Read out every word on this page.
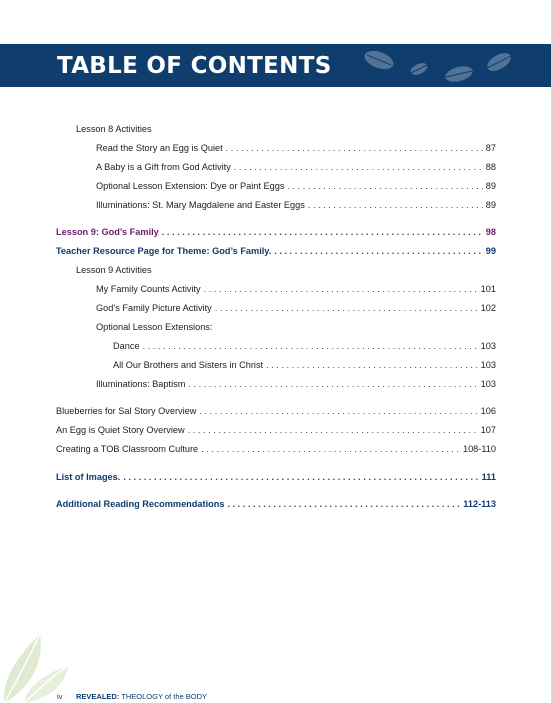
TABLE OF CONTENTS
Lesson 8 Activities
Read the Story an Egg is Quiet . . .	87
A Baby is a Gift from God Activity . . .	88
Optional Lesson Extension: Dye or Paint Eggs . . .	89
Illuminations: St. Mary Magdalene and Easter Eggs . . .	89
Lesson 9: God’s Family . . .	98
Teacher Resource Page for Theme: God’s Family. . . .	99
Lesson 9 Activities
My Family Counts Activity . . .	101
God’s Family Picture Activity . . .	102
Optional Lesson Extensions:
Dance . . .	103
All Our Brothers and Sisters in Christ . . .	103
Illuminations: Baptism . . .	103
Blueberries for Sal Story Overview . . .	106
An Egg is Quiet Story Overview . . .	107
Creating a TOB Classroom Culture . . .	108-110
List of Images. . . .	111
Additional Reading Recommendations . . .	112-113
iv REVEALED: THEOLOGY of the BODY
